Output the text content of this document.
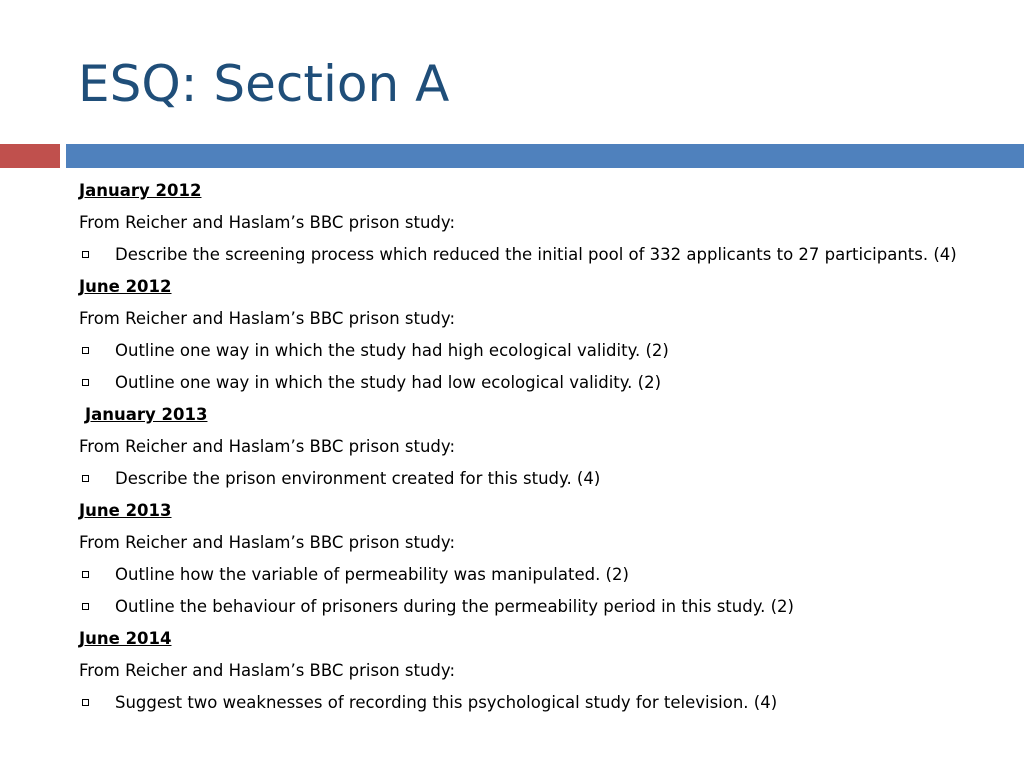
ESQ: Section A
January 2012
From Reicher and Haslam’s BBC prison study:
Describe the screening process which reduced the initial pool of 332 applicants to 27 participants. (4)
June 2012
From Reicher and Haslam’s BBC prison study:
Outline one way in which the study had high ecological validity. (2)
Outline one way in which the study had low ecological validity. (2)
January 2013
From Reicher and Haslam’s BBC prison study:
Describe the prison environment created for this study. (4)
June 2013
From Reicher and Haslam’s BBC prison study:
Outline how the variable of permeability was manipulated. (2)
Outline the behaviour of prisoners during the permeability period in this study. (2)
June 2014
From Reicher and Haslam’s BBC prison study:
Suggest two weaknesses of recording this psychological study for television. (4)
